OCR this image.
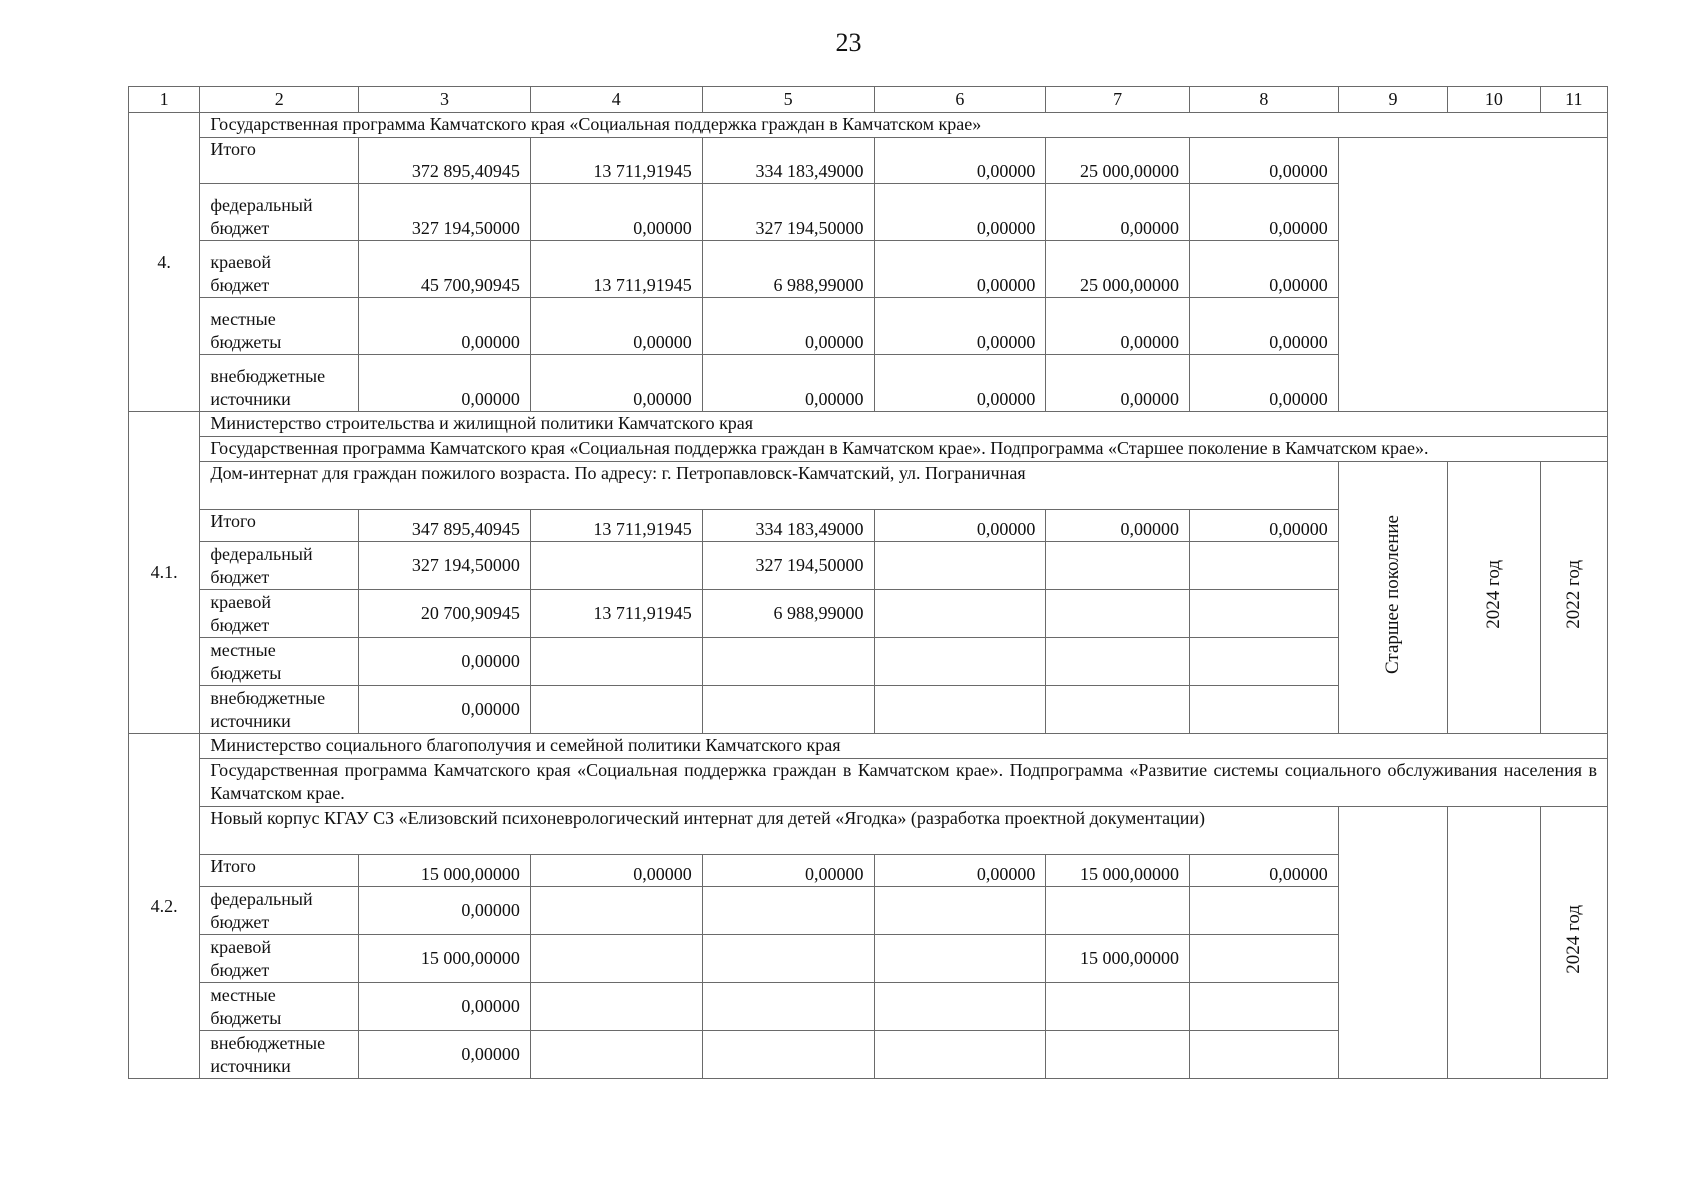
23
1	2	3	4	5	6	7	8	9	10	11
4.	Государственная программа Камчатского края «Социальная поддержка граждан в Камчатском крае»									
	Итого	372 895,40945	13 711,91945	334 183,49000	0,00000	25 000,00000	0,00000			
	федеральный
бюджет	327 194,50000	0,00000	327 194,50000	0,00000	0,00000	0,00000			
	краевой
бюджет	45 700,90945	13 711,91945	6 988,99000	0,00000	25 000,00000	0,00000			
	местные
бюджеты	0,00000	0,00000	0,00000	0,00000	0,00000	0,00000			
	внебюджетные
источники	0,00000	0,00000	0,00000	0,00000	0,00000	0,00000			
4.1.	Министерство строительства и жилищной политики Камчатского края									
	Государственная программа Камчатского края «Социальная поддержка граждан в Камчатском крае». Подпрограмма «Старшее поколение в Камчатском крае».									
	Дом-интернат для граждан пожилого возраста. По адресу: г. Петропавловск-Камчатский, ул. Пограничная							Старшее поколение	2024 год	2022 год
	Итого	347 895,40945	13 711,91945	334 183,49000	0,00000	0,00000	0,00000			
	федеральный
бюджет	327 194,50000		327 194,50000						
	краевой
бюджет	20 700,90945	13 711,91945	6 988,99000						
	местные
бюджеты	0,00000								
	внебюджетные
источники	0,00000								
4.2.	Министерство социального благополучия и семейной политики Камчатского края									
	Государственная программа Камчатского края «Социальная поддержка граждан в Камчатском крае». Подпрограмма «Развитие системы социального обслуживания населения в Камчатском крае.									
	Новый корпус КГАУ СЗ «Елизовский психоневрологический интернат для детей «Ягодка» (разработка проектной документации)									2024 год
	Итого	15 000,00000	0,00000	0,00000	0,00000	15 000,00000	0,00000			
	федеральный
бюджет	0,00000								
	краевой
бюджет	15 000,00000				15 000,00000				
	местные
бюджеты	0,00000								
	внебюджетные
источники	0,00000								
